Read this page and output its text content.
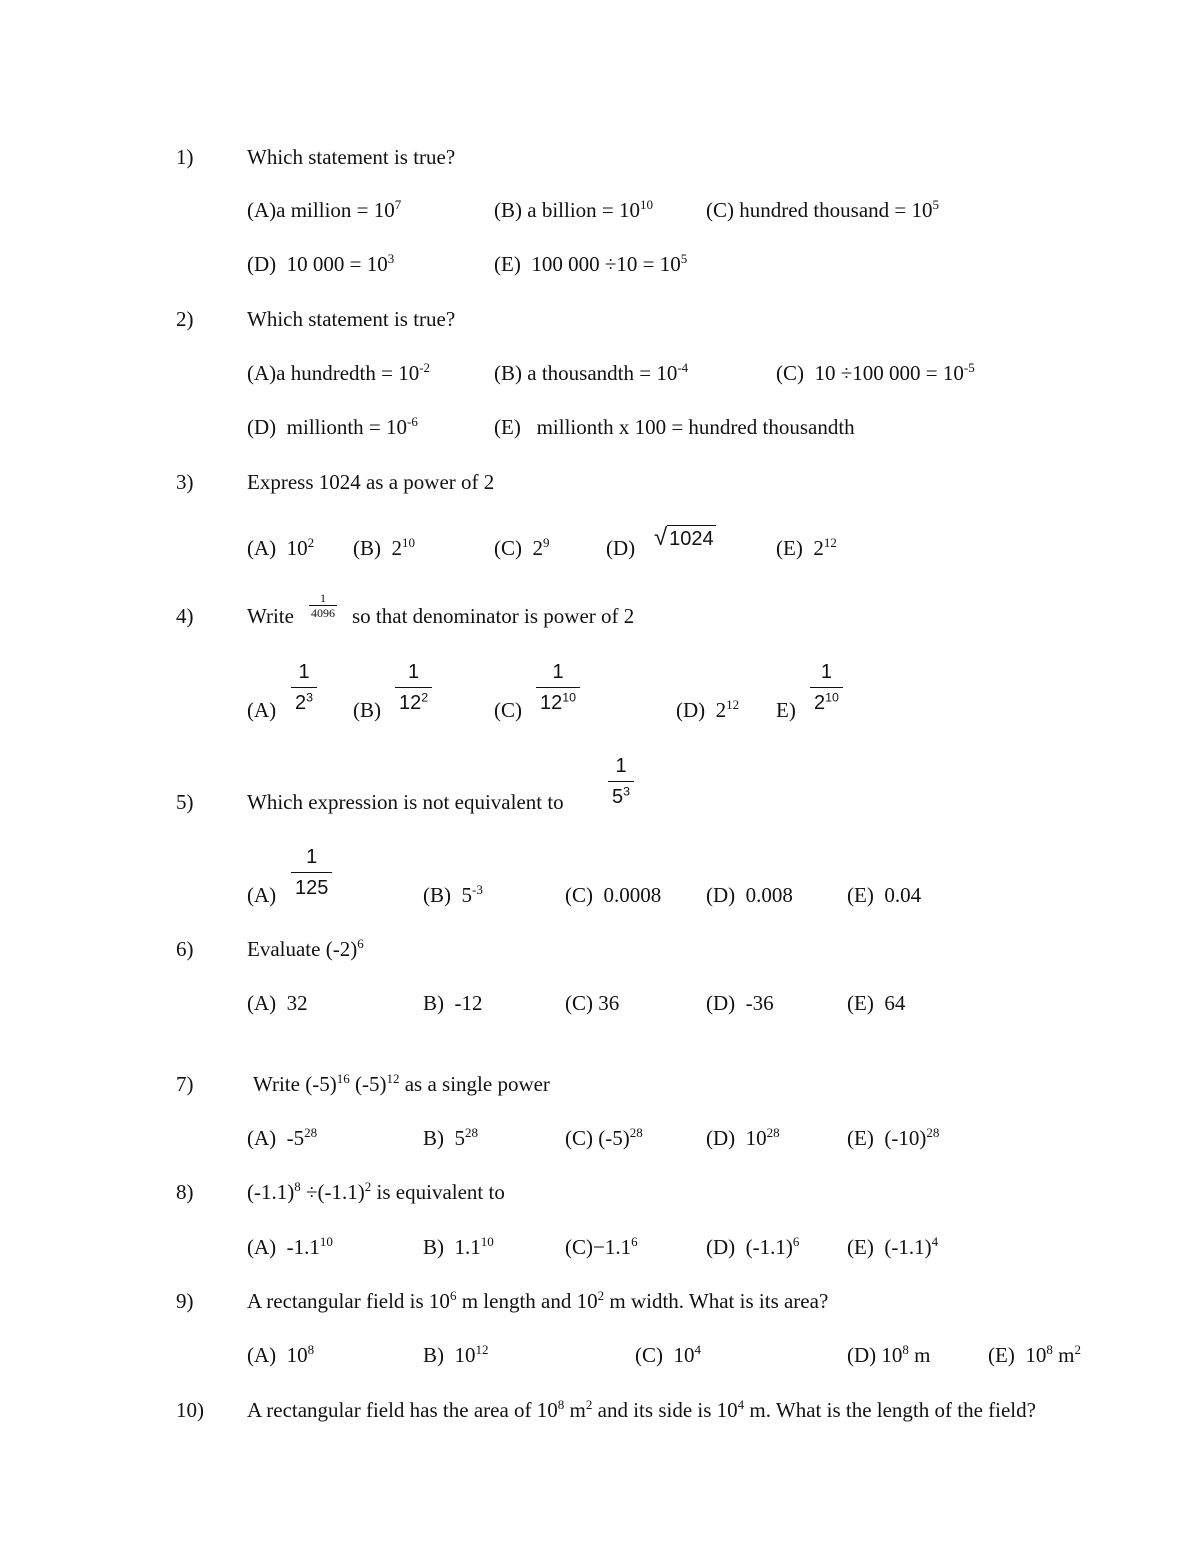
1)	Which statement is true?
(A)a million = $10^7$	(B) a billion = $10^{10}$	(C) hundred thousand = $10^5$
(D) 10 $000 = 10^3$	(E) 100 $000 \div 10 = 10^5$
2)	Which statement is true?
(A)a hundredth = $10^{-2}$	(B) a thousandth = $10^{-4}$	(C) 10 ÷100 $000 = 10^{-5}$
(D) millionth = $10^{-6}$	(E) millionth x 100 = hundred thousandth
3)	Express 1024 as a power of 2
(A) $10^2$ (B) $2^{10}$	(C) $2^9$	(D) √ 1024	(E) $2^{12}$
4)	Write
1
4096 so that denominator is power of 2
(A)
1
$2^3$
(B)
1
$12^2$
(C)
1
$12^{10}$
(D) $2^{12}$ E)
1
$2^{10}$
5)	Which expression is not equivalent to
1
$5^3$
(A)
1
125	(B) $5^{-3}$	(C) 0.0008 (D) 0.008	(E) 0.04
6)	Evaluate $(-2)^6$
(A) 32	B) -12	(C) 36	(D) -36	(E) 64
7)	Write $(-5)^{16}$ $(-5)^{12}$ as a single power
(A) $-5^{28}$	B) $5^{28}$	(C) $(-5)^{28}$	(D) $10^{28}$	(E) $(-10)^{28}$
8)	$(-1.1)^8 \div(-1.1)^2$ is equivalent to
(A) $-1.1^{10}$	B) $1.1^{10}$	$(C)-1.1^6$	(D) $(-1.1)^6$ (E) $(-1.1)^4$
9)	A rectangular field is $10^6$ m length and $10^2$ m width. What is its area?
(A) $10^8$	B) $10^{12}$	(C) $10^4$	(D) $10^8$ m	(E) $10^8$ $m^2$
10) A rectangular field has the area of $10^8$ $m^2$ and its side is $10^4$ m. What is the length of the field?
